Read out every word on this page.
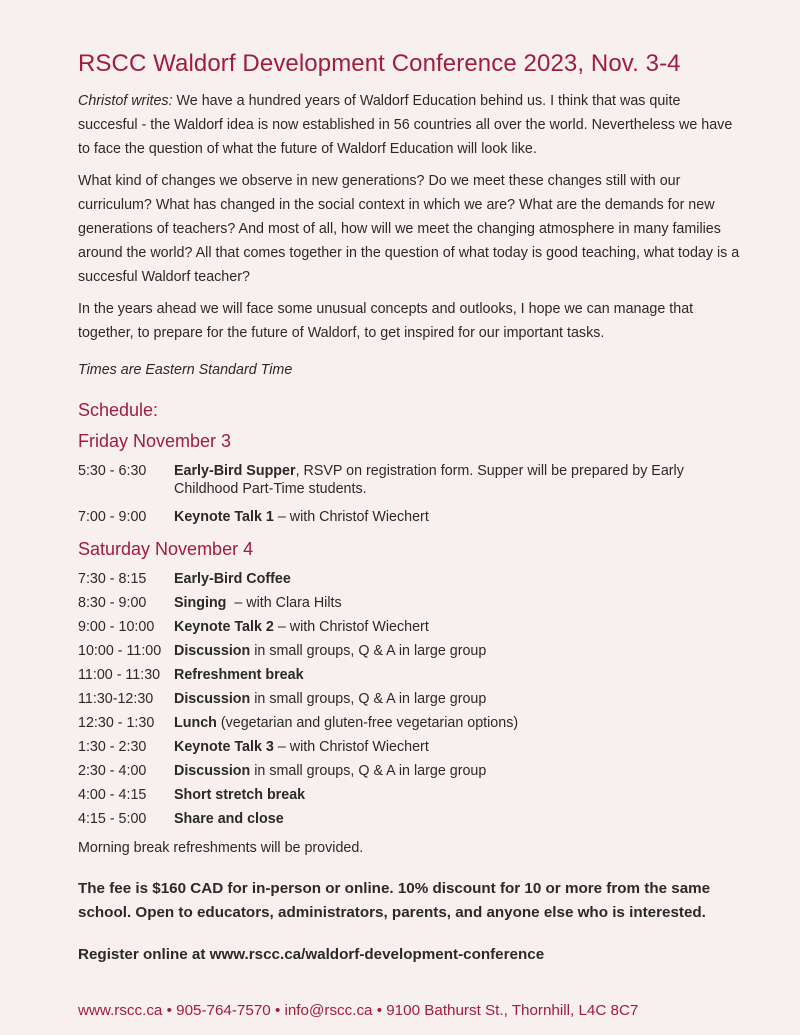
RSCC Waldorf Development Conference 2023, Nov. 3-4

Christof writes: We have a hundred years of Waldorf Education behind us. I think that was quite succesful - the Waldorf idea is now established in 56 countries all over the world. Nevertheless we have to face the question of what the future of Waldorf Education will look like.

What kind of changes we observe in new generations? Do we meet these changes still with our curriculum? What has changed in the social context in which we are? What are the demands for new generations of teachers? And most of all, how will we meet the changing atmosphere in many families around the world? All that comes together in the question of what today is good teaching, what today is a succesful Waldorf teacher?

In the years ahead we will face some unusual concepts and outlooks, I hope we can manage that together, to prepare for the future of Waldorf, to get inspired for our important tasks.

Times are Eastern Standard Time

Schedule:
Friday November 3
5:30 - 6:30	Early-Bird Supper, RSVP on registration form. Supper will be prepared by Early Childhood Part-Time students.
7:00 - 9:00	Keynote Talk 1 – with Christof Wiechert
Saturday November 4
7:30 - 8:15	Early-Bird Coffee
8:30 - 9:00	Singing  – with Clara Hilts
9:00 - 10:00	Keynote Talk 2 – with Christof Wiechert
10:00 - 11:00 Discussion in small groups, Q & A in large group
11:00 - 11:30 Refreshment break
11:30-12:30	Discussion in small groups, Q & A in large group
12:30 - 1:30	Lunch (vegetarian and gluten-free vegetarian options)
1:30 - 2:30	Keynote Talk 3 – with Christof Wiechert
2:30 - 4:00	Discussion in small groups, Q & A in large group
4:00 - 4:15	Short stretch break
4:15 - 5:00	Share and close

Morning break refreshments will be provided.

The fee is $160 CAD for in-person or online. 10% discount for 10 or more from the same school. Open to educators, administrators, parents, and anyone else who is interested.

Register online at www.rscc.ca/waldorf-development-conference

www.rscc.ca • 905-764-7570 • info@rscc.ca • 9100 Bathurst St., Thornhill, L4C 8C7
